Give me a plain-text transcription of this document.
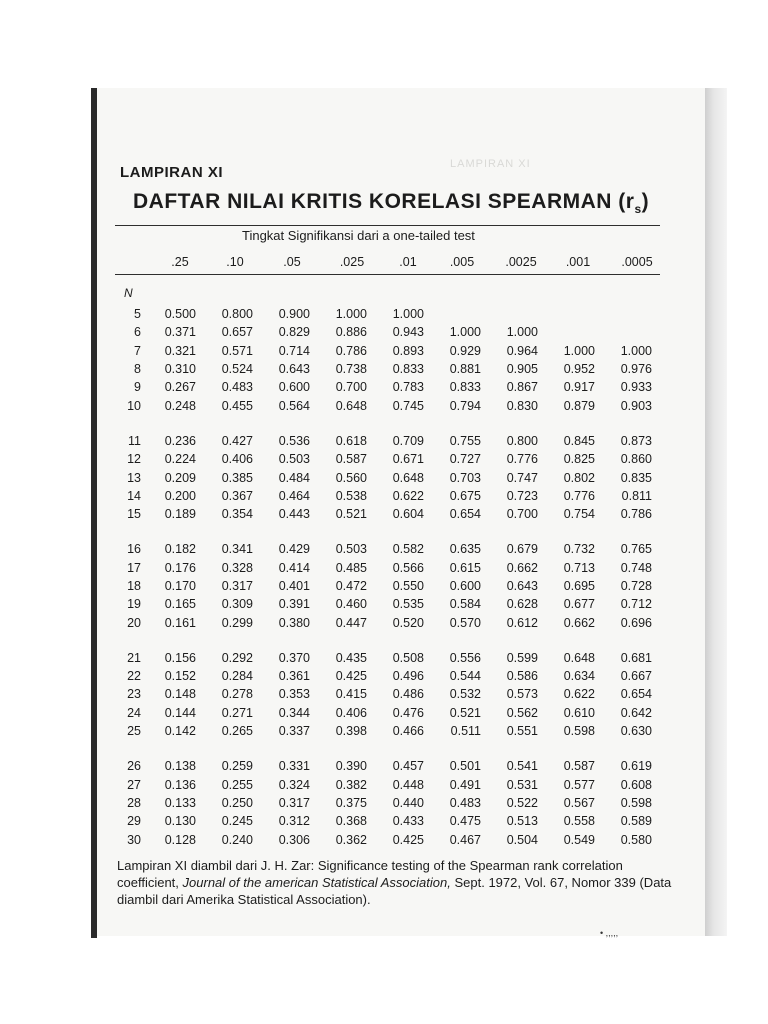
LAMPIRAN XI
LAMPIRAN XI
DAFTAR NILAI KRITIS KORELASI SPEARMAN $(r_s)$
Tingkat Signifikansi dari a one-tailed test
.25	.10	.05	.025	.01	.005	.0025	.001	.0005
N
5	0.500	0.800	0.900	1.000	1.000				
6	0.371	0.657	0.829	0.886	0.943	1.000	1.000		
7	0.321	0.571	0.714	0.786	0.893	0.929	0.964	1.000	1.000
8	0.310	0.524	0.643	0.738	0.833	0.881	0.905	0.952	0.976
9	0.267	0.483	0.600	0.700	0.783	0.833	0.867	0.917	0.933
10	0.248	0.455	0.564	0.648	0.745	0.794	0.830	0.879	0.903

11	0.236	0.427	0.536	0.618	0.709	0.755	0.800	0.845	0.873
12	0.224	0.406	0.503	0.587	0.671	0.727	0.776	0.825	0.860
13	0.209	0.385	0.484	0.560	0.648	0.703	0.747	0.802	0.835
14	0.200	0.367	0.464	0.538	0.622	0.675	0.723	0.776	0.811
15	0.189	0.354	0.443	0.521	0.604	0.654	0.700	0.754	0.786

16	0.182	0.341	0.429	0.503	0.582	0.635	0.679	0.732	0.765
17	0.176	0.328	0.414	0.485	0.566	0.615	0.662	0.713	0.748
18	0.170	0.317	0.401	0.472	0.550	0.600	0.643	0.695	0.728
19	0.165	0.309	0.391	0.460	0.535	0.584	0.628	0.677	0.712
20	0.161	0.299	0.380	0.447	0.520	0.570	0.612	0.662	0.696

21	0.156	0.292	0.370	0.435	0.508	0.556	0.599	0.648	0.681
22	0.152	0.284	0.361	0.425	0.496	0.544	0.586	0.634	0.667
23	0.148	0.278	0.353	0.415	0.486	0.532	0.573	0.622	0.654
24	0.144	0.271	0.344	0.406	0.476	0.521	0.562	0.610	0.642
25	0.142	0.265	0.337	0.398	0.466	0.511	0.551	0.598	0.630

26	0.138	0.259	0.331	0.390	0.457	0.501	0.541	0.587	0.619
27	0.136	0.255	0.324	0.382	0.448	0.491	0.531	0.577	0.608
28	0.133	0.250	0.317	0.375	0.440	0.483	0.522	0.567	0.598
29	0.130	0.245	0.312	0.368	0.433	0.475	0.513	0.558	0.589
30	0.128	0.240	0.306	0.362	0.425	0.467	0.504	0.549	0.580
Lampiran XI diambil dari J. H. Zar: Significance testing of the Spearman rank correlation coefficient, Journal of the american Statistical Association, Sept. 1972, Vol. 67, Nomor 339 (Data diambil dari Amerika Statistical Association).
• ,,,,,
